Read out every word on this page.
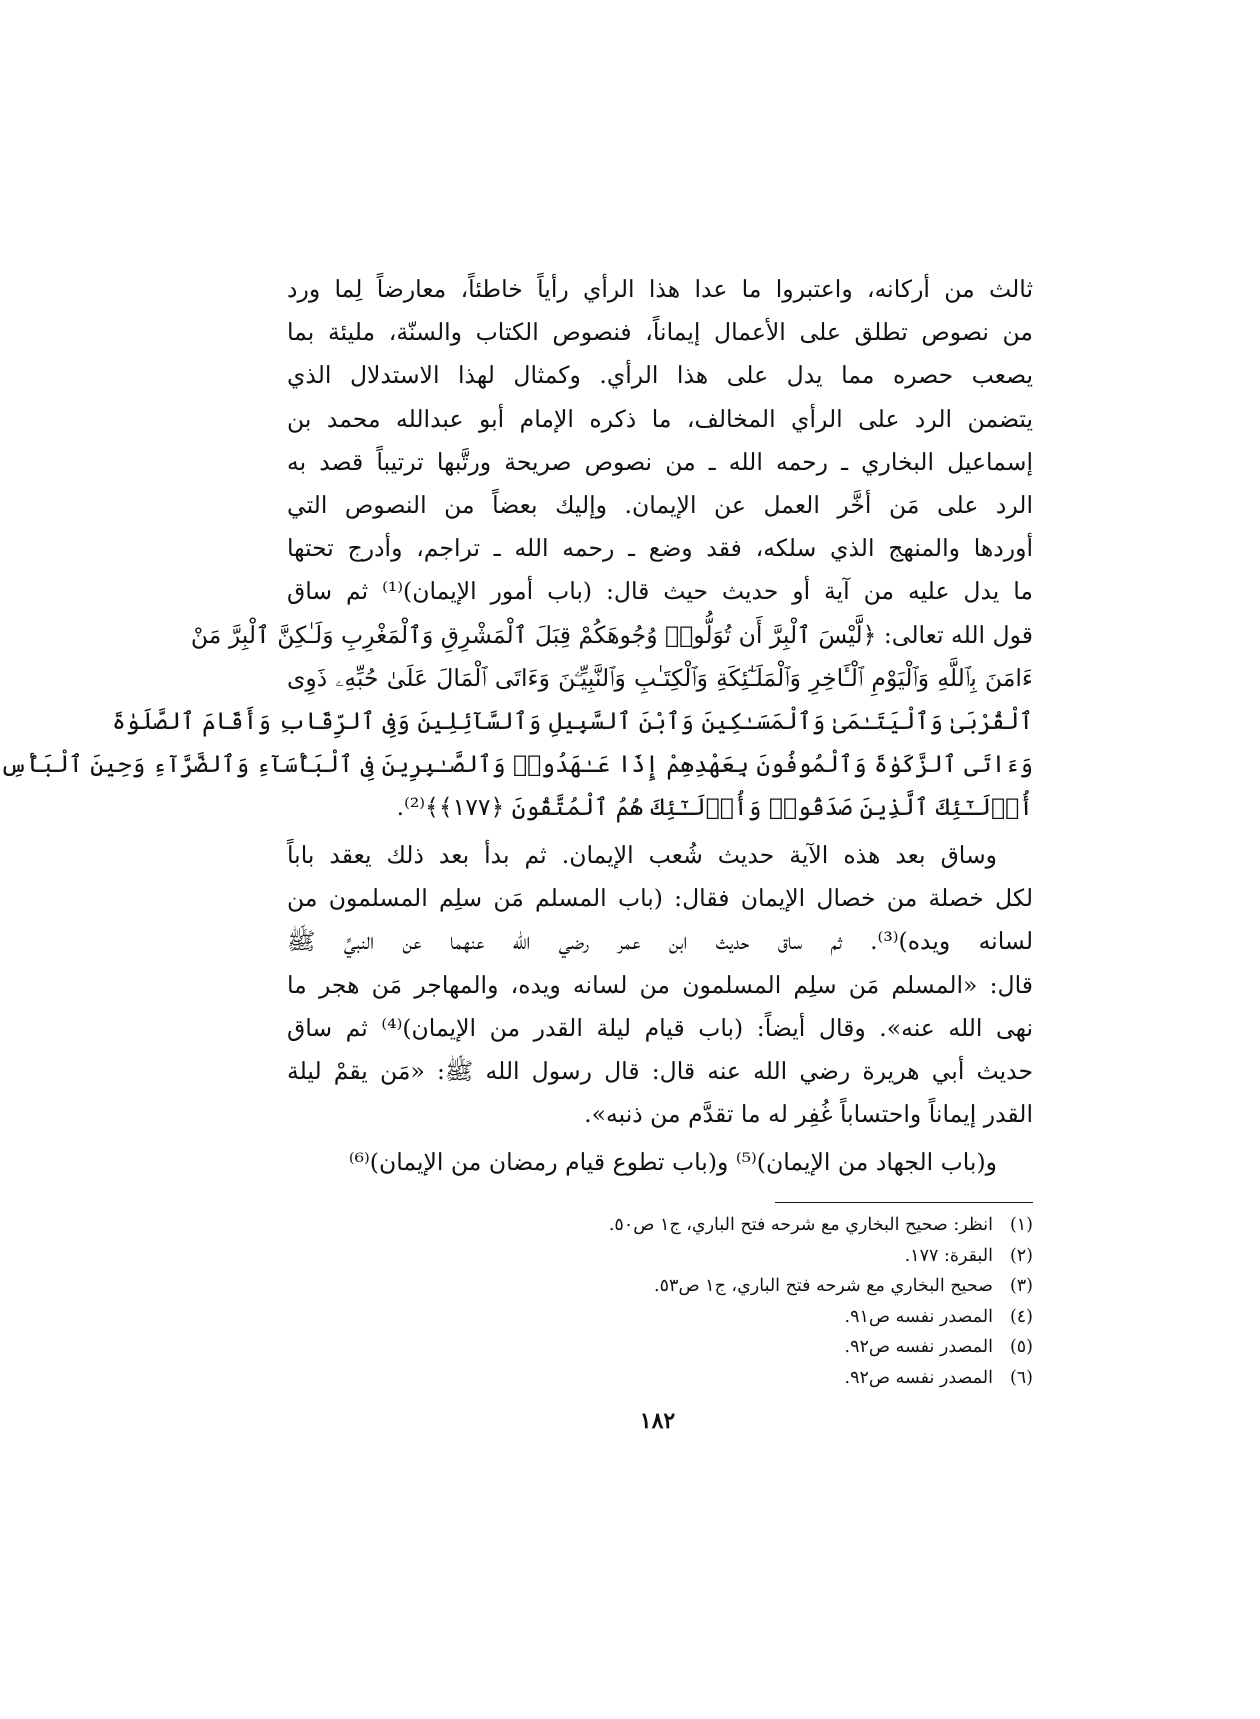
ثالث من أركانه، واعتبروا ما عدا هذا الرأي رأياً خاطئاً، معارضاً لِما ورد
من نصوص تطلق على الأعمال إيماناً، فنصوص الكتاب والسنّة، مليئة بما
يصعب حصره مما يدل على هذا الرأي. وكمثال لهذا الاستدلال الذي
يتضمن الرد على الرأي المخالف، ما ذكره الإمام أبو عبدالله محمد بن
إسماعيل البخاري ـ رحمه الله ـ من نصوص صريحة ورتَّبها ترتيباً قصد به
الرد على مَن أخَّر العمل عن الإيمان. وإليك بعضاً من النصوص التي
أوردها والمنهج الذي سلكه، فقد وضع ـ رحمه الله ـ تراجم، وأدرج تحتها
ما يدل عليه من آية أو حديث حيث قال: (باب أمور الإيمان)⁽¹⁾ ثم ساق
قول الله تعالى: ﴿لَّيْسَ ٱلْبِرَّ أَن تُوَلُّوا۟ وُجُوهَكُمْ قِبَلَ ٱلْمَشْرِقِ وَٱلْمَغْرِبِ وَلَـٰكِنَّ ٱلْبِرَّ مَنْ
ءَامَنَ بِٱللَّهِ وَٱلْيَوْمِ ٱلْـَٔاخِرِ وَٱلْمَلَـٰٓئِكَةِ وَٱلْكِتَـٰبِ وَٱلنَّبِيِّـۧنَ وَءَاتَى ٱلْمَالَ عَلَىٰ حُبِّهِۦ ذَوِى
ٱلْقُرْبَىٰ وَٱلْيَتَـٰمَىٰ وَٱلْمَسَـٰكِينَ وَٱبْنَ ٱلسَّبِيلِ وَٱلسَّآئِلِينَ وَفِى ٱلرِّقَابِ وَأَقَامَ ٱلصَّلَوٰةَ
وَءَاتَى ٱلزَّكَوٰةَ وَٱلْمُوفُونَ بِعَهْدِهِمْ إِذَا عَـٰهَدُوا۟ وَٱلصَّـٰبِرِينَ فِى ٱلْبَأْسَآءِ وَٱلضَّرَّآءِ وَحِينَ ٱلْبَأْسِ
أُو۟لَـٰٓئِكَ ٱلَّذِينَ صَدَقُوا۟ وَأُو۟لَـٰٓئِكَ هُمُ ٱلْمُتَّقُونَ ﴿١٧٧﴾﴾⁽²⁾.
وساق بعد هذه الآية حديث شُعب الإيمان. ثم بدأ بعد ذلك يعقد باباً
لكل خصلة من خصال الإيمان فقال: (باب المسلم مَن سلِم المسلمون من
لسانه ويده)⁽³⁾. ثم ساق حديث ابن عمر رضي الله عنهما عن النبيِّ ﷺ
قال: «المسلم مَن سلِم المسلمون من لسانه ويده، والمهاجر مَن هجر ما
نهى الله عنه». وقال أيضاً: (باب قيام ليلة القدر من الإيمان)⁽⁴⁾ ثم ساق
حديث أبي هريرة رضي الله عنه قال: قال رسول الله ﷺ: «مَن يقمْ ليلة
القدر إيماناً واحتساباً غُفِر له ما تقدَّم من ذنبه».
و(باب الجهاد من الإيمان)⁽⁵⁾ و(باب تطوع قيام رمضان من الإيمان)⁽⁶⁾
(١)انظر: صحيح البخاري مع شرحه فتح الباري، ج١ ص٥٠.
(٢)البقرة: ١٧٧.
(٣)صحيح البخاري مع شرحه فتح الباري، ج١ ص٥٣.
(٤)المصدر نفسه ص٩١.
(٥)المصدر نفسه ص٩٢.
(٦)المصدر نفسه ص٩٢.
١٨٢
